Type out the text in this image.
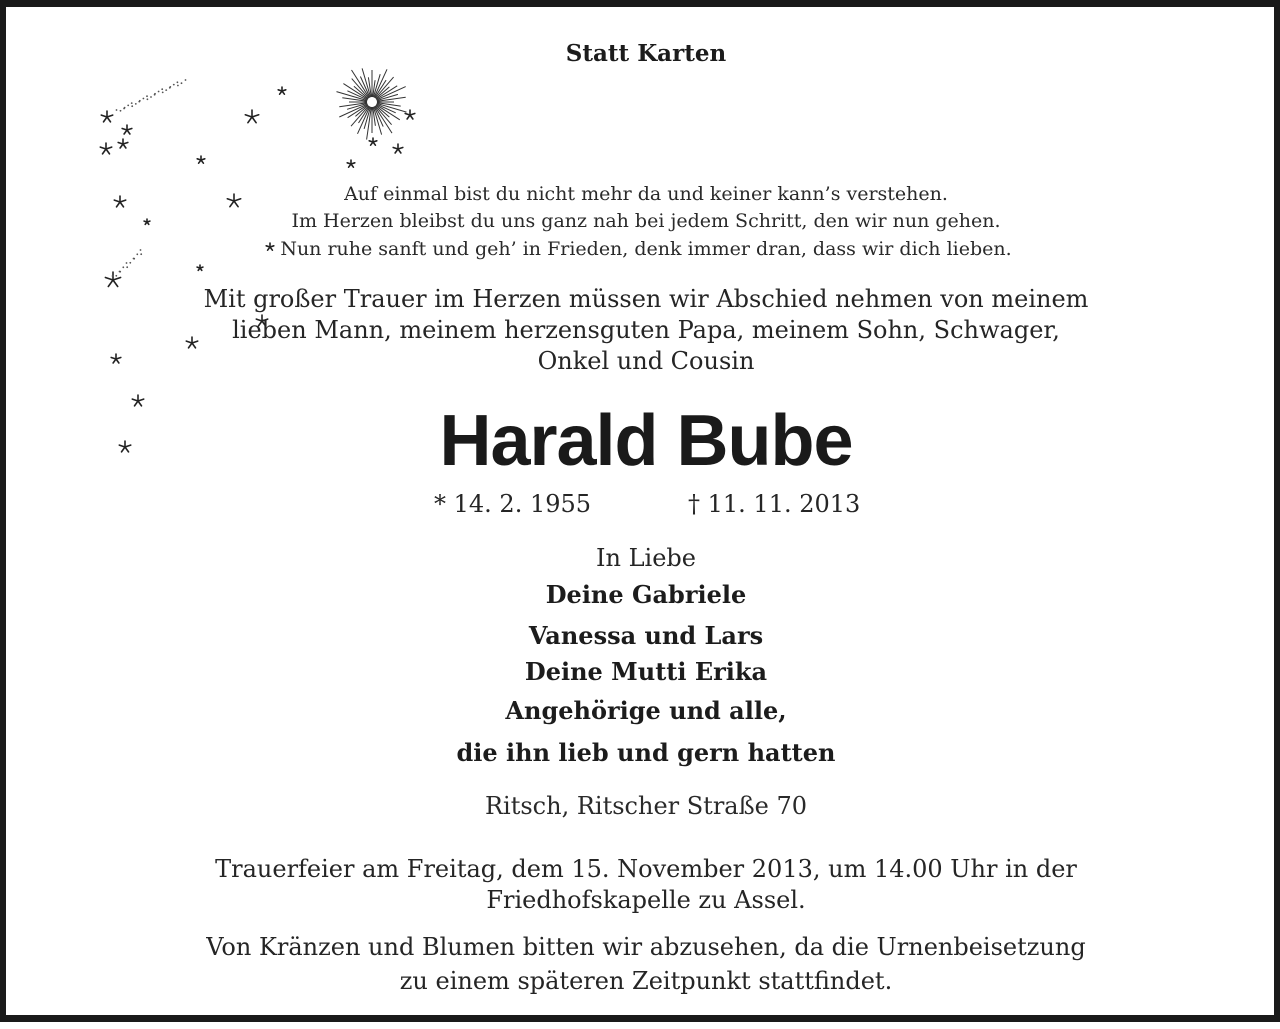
Statt Karten
Auf einmal bist du nicht mehr da und keiner kann’s verstehen.
Im Herzen bleibst du uns ganz nah bei jedem Schritt, den wir nun gehen.
Nun ruhe sanft und geh’ in Frieden, denk immer dran, dass wir dich lieben.
Mit großer Trauer im Herzen müssen wir Abschied nehmen von meinem
lieben Mann, meinem herzensguten Papa, meinem Sohn, Schwager,
Onkel und Cousin
Harald Bube
* 14. 2. 1955	† 11. 11. 2013
In Liebe
Deine Gabriele
Vanessa und Lars
Deine Mutti Erika
Angehörige und alle,
die ihn lieb und gern hatten
Ritsch, Ritscher Straße 70
Trauerfeier am Freitag, dem 15. November 2013, um 14.00 Uhr in der
Friedhofskapelle zu Assel.
Von Kränzen und Blumen bitten wir abzusehen, da die Urnenbeisetzung
zu einem späteren Zeitpunkt stattfindet.
